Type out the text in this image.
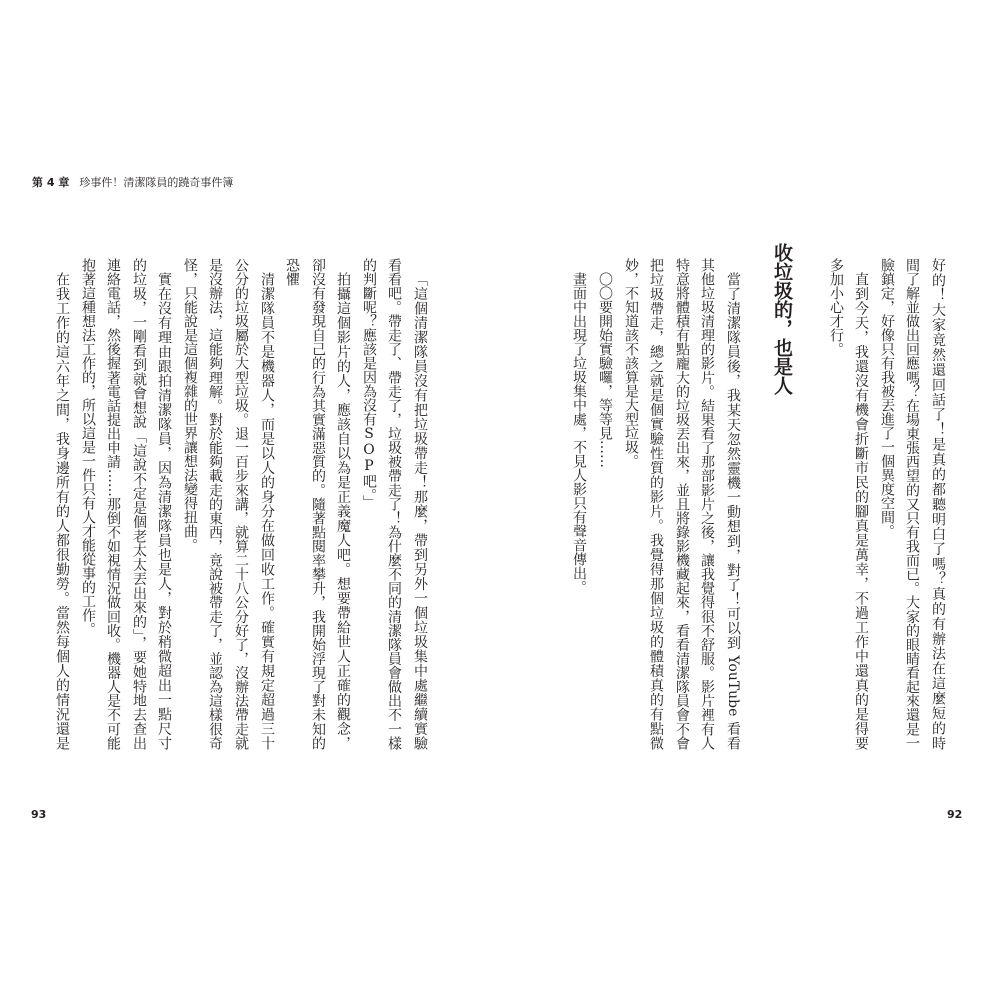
第 4 章 珍事件！清潔隊員的蹺奇事件簿
「這個清潔隊員沒有把垃圾帶走！那麼，帶到另外一個垃圾集中處繼續實驗
看看吧。帶走了、帶走了，垃圾被帶走了！為什麼不同的清潔隊員會做出不一樣
的判斷呢？應該是因為沒有SOP吧。」
拍攝這個影片的人，應該自以為是正義魔人吧。想要帶給世人正確的觀念，
卻沒有發現自己的行為其實滿惡質的。隨著點閱率攀升，我開始浮現了對未知的
恐懼
清潔隊員不是機器人，而是以人的身分在做回收工作。確實有規定超過三十
公分的垃圾屬於大型垃圾。退一百步來講，就算二十八公分好了，沒辦法帶走就
是沒辦法，這能夠理解。對於能夠載走的東西，竟說被帶走了，並認為這樣很奇
怪，只能說是這個複雜的世界讓想法變得扭曲。
實在沒有理由跟拍清潔隊員，因為清潔隊員也是人，對於稍微超出一點尺寸
的垃圾，一剛看到就會想說「這說不定是個老太太丟出來的」，要她特地去查出
連絡電話，然後握著電話提出申請……那倒不如視情況做回收。機器人是不可能
抱著這種想法工作的，所以這是一件只有人才能從事的工作。
在我工作的這六年之間，我身邊所有的人都很勤勞。當然每個人的情況還是
93
好的！大家竟然還回話了！是真的都聽明白了嗎？真的有辦法在這麼短的時
間了解並做出回應嗎？在場東張西望的又只有我而已。大家的眼睛看起來還是一
臉鎮定，好像只有我被丟進了一個異度空間。
直到今天，我還沒有機會折斷市民的腳真是萬幸，不過工作中還真的是得要
多加小心才行。
收垃圾的，也是人
當了清潔隊員後，我某天忽然靈機一動想到，對了！可以到 YouTube 看看
其他垃圾清理的影片。結果看了那部影片之後，讓我覺得很不舒服。影片裡有人
特意將體積有點龐大的垃圾丟出來，並且將錄影機藏起來，看看清潔隊員會不會
把垃圾帶走，總之就是個實驗性質的影片。我覺得那個垃圾的體積真的有點微
妙，不知道該不該算是大型垃圾。
〇〇要開始實驗囉，等等見……
畫面中出現了垃圾集中處，不見人影只有聲音傳出。
92
